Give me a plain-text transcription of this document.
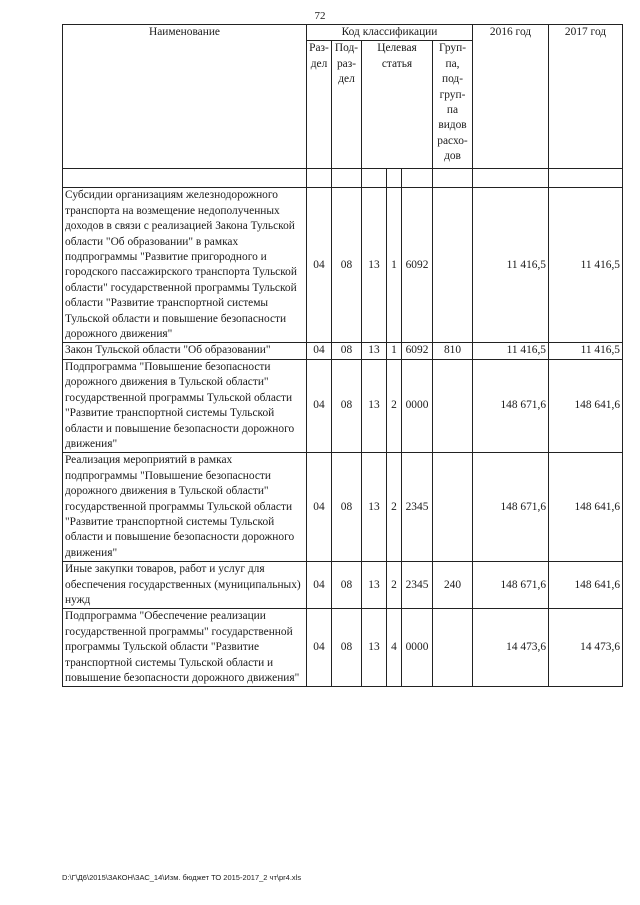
72
Наименование	Код классификации						2016 год	2017 год
	Раз-дел	Под-раз-дел	Целевая статья			Груп-па, под-груп-па видов расхо-дов		

Субсидии организациям железнодорожного транспорта на возмещение недополученных доходов в связи с реализацией Закона Тульской области "Об образовании" в рамках подпрограммы "Развитие пригородного и городского пассажирского транспорта Тульской области" государственной программы Тульской области "Развитие транспортной системы Тульской области и повышение безопасности дорожного движения"	04	08	13	1	6092		11 416,5	11 416,5
Закон Тульской области "Об образовании"	04	08	13	1	6092	810	11 416,5	11 416,5
Подпрограмма "Повышение безопасности дорожного движения в Тульской области" государственной программы Тульской области "Развитие транспортной системы Тульской области и повышение безопасности дорожного движения"	04	08	13	2	0000		148 671,6	148 641,6
Реализация мероприятий в рамках подпрограммы "Повышение безопасности дорожного движения в Тульской области" государственной программы Тульской области "Развитие транспортной системы Тульской области и повышение безопасности дорожного движения"	04	08	13	2	2345		148 671,6	148 641,6
Иные закупки товаров, работ и услуг для обеспечения государственных (муниципальных) нужд	04	08	13	2	2345	240	148 671,6	148 641,6
Подпрограмма "Обеспечение реализации государственной программы" государственной программы Тульской области "Развитие транспортной системы Тульской области и повышение безопасности дорожного движения"	04	08	13	4	0000		14 473,6	14 473,6
D:\Г\Д6\2015\ЗАКОН\ЗАС_14\Изм. бюджет ТО 2015-2017_2 чт\pr4.xls
